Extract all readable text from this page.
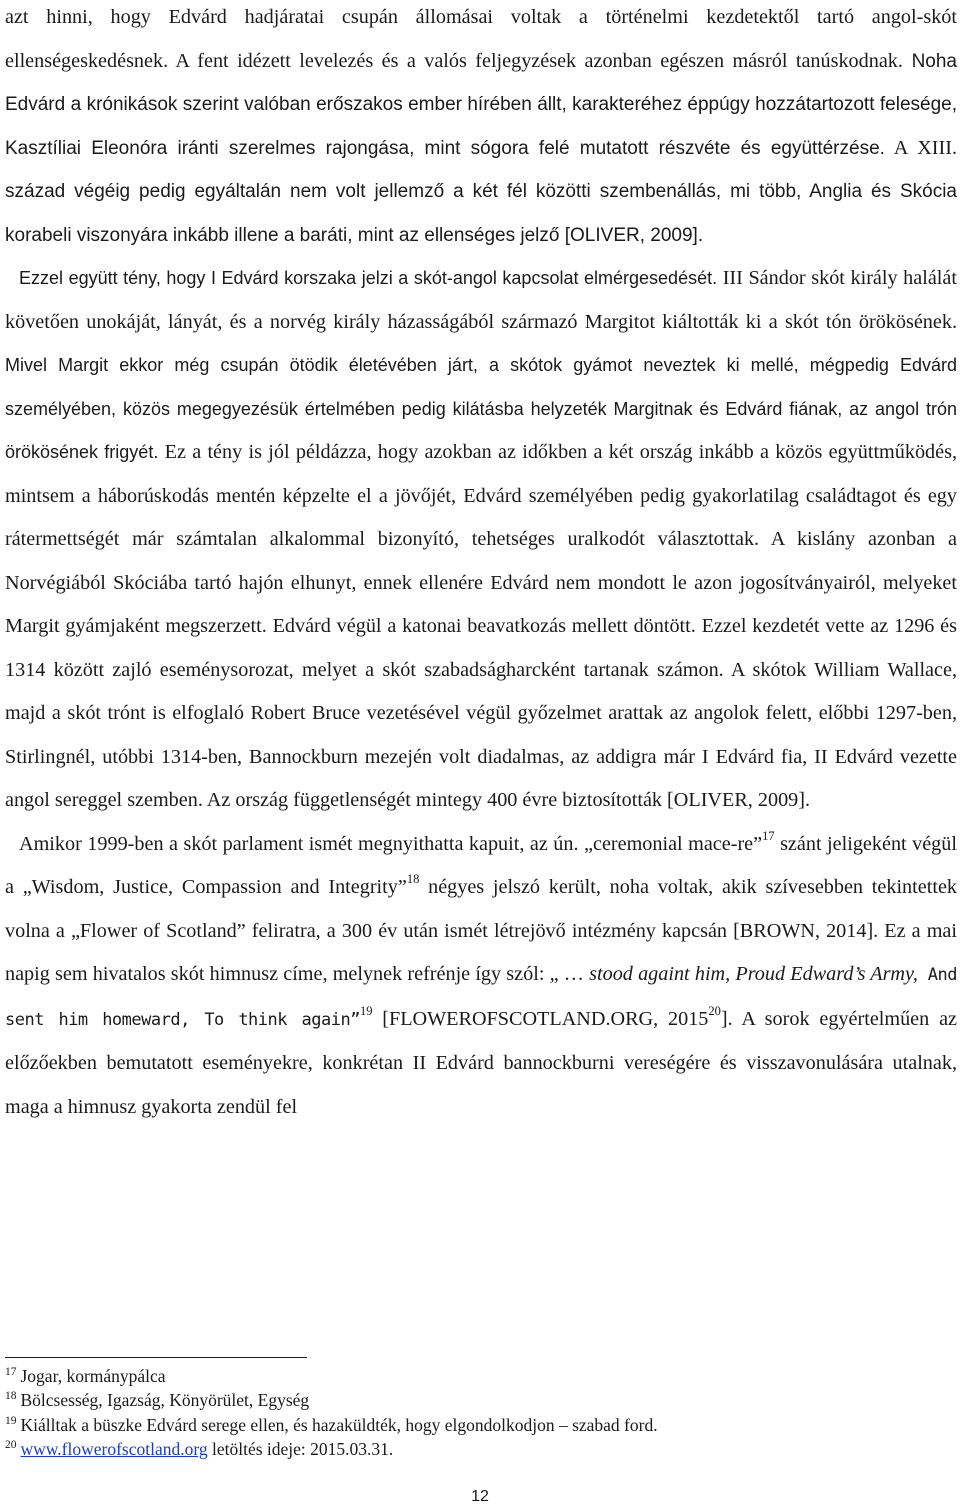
azt hinni, hogy Edvárd hadjáratai csupán állomásai voltak a történelmi kezdetektől tartó angol-skót ellenségeskedésnek. A fent idézett levelezés és a valós feljegyzések azonban egészen másról tanúskodnak. Noha Edvárd a krónikások szerint valóban erőszakos ember hírében állt, karakteréhez éppúgy hozzátartozott felesége, Kasztíliai Eleonóra iránti szerelmes rajongása, mint sógora felé mutatott részvéte és együttérzése. A XIII. század végéig pedig egyáltalán nem volt jellemző a két fél közötti szembenállás, mi több, Anglia és Skócia korabeli viszonyára inkább illene a baráti, mint az ellenséges jelző [OLIVER, 2009].

Ezzel együtt tény, hogy I Edvárd korszaka jelzi a skót-angol kapcsolat elmérgesedését. III Sándor skót király halálát követően unokáját, lányát, és a norvég király házasságából származó Margitot kiáltották ki a skót tón örökösének. Mivel Margit ekkor még csupán ötödik életévében járt, a skótok gyámot neveztek ki mellé, mégpedig Edvárd személyében, közös megegyezésük értelmében pedig kilátásba helyzeték Margitnak és Edvárd fiának, az angol trón örökösének frigyét. Ez a tény is jól példázza, hogy azokban az időkben a két ország inkább a közös együttműködés, mintsem a háborúskodás mentén képzelte el a jövőjét, Edvárd személyében pedig gyakorlatilag családtagot és egy rátermettségét már számtalan alkalommal bizonyító, tehetséges uralkodót választottak. A kislány azonban a Norvégiából Skóciába tartó hajón elhunyt, ennek ellenére Edvárd nem mondott le azon jogosítványairól, melyeket Margit gyámjaként megszerzett. Edvárd végül a katonai beavatkozás mellett döntött. Ezzel kezdetét vette az 1296 és 1314 között zajló eseménysorozat, melyet a skót szabadságharcként tartanak számon. A skótok William Wallace, majd a skót trónt is elfoglaló Robert Bruce vezetésével végül győzelmet arattak az angolok felett, előbbi 1297-ben, Stirlingnél, utóbbi 1314-ben, Bannockburn mezején volt diadalmas, az addigra már I Edvárd fia, II Edvárd vezette angol sereggel szemben. Az ország függetlenségét mintegy 400 évre biztosították [OLIVER, 2009].

Amikor 1999-ben a skót parlament ismét megnyithatta kapuit, az ún. „ceremonial mace-re”$^{17}$ szánt jeligeként végül a „Wisdom, Justice, Compassion and Integrity”$^{18}$ négyes jelszó került, noha voltak, akik szívesebben tekintettek volna a „Flower of Scotland” feliratra, a 300 év után ismét létrejövő intézmény kapcsán [BROWN, 2014]. Ez a mai napig sem hivatalos skót himnusz címe, melynek refrénje így szól: „ … stood againt him, Proud Edward’s Army, And sent him homeward, To think again”$^{19}$ [FLOWEROFSCOTLAND.ORG, 2015$^{20}$]. A sorok egyértelműen az előzőekben bemutatott eseményekre, konkrétan II Edvárd bannockburni vereségére és visszavonulására utalnak, maga a himnusz gyakorta zendül fel

$^{17}$ Jogar, kormánypálca

$^{18}$ Bölcsesség, Igazság, Könyörület, Egység

$^{19}$ Kiálltak a büszke Edvárd serege ellen, és hazaküldték, hogy elgondolkodjon – szabad ford.

$^{20}$ www.flowerofscotland.org letöltés ideje: 2015.03.31.

12
